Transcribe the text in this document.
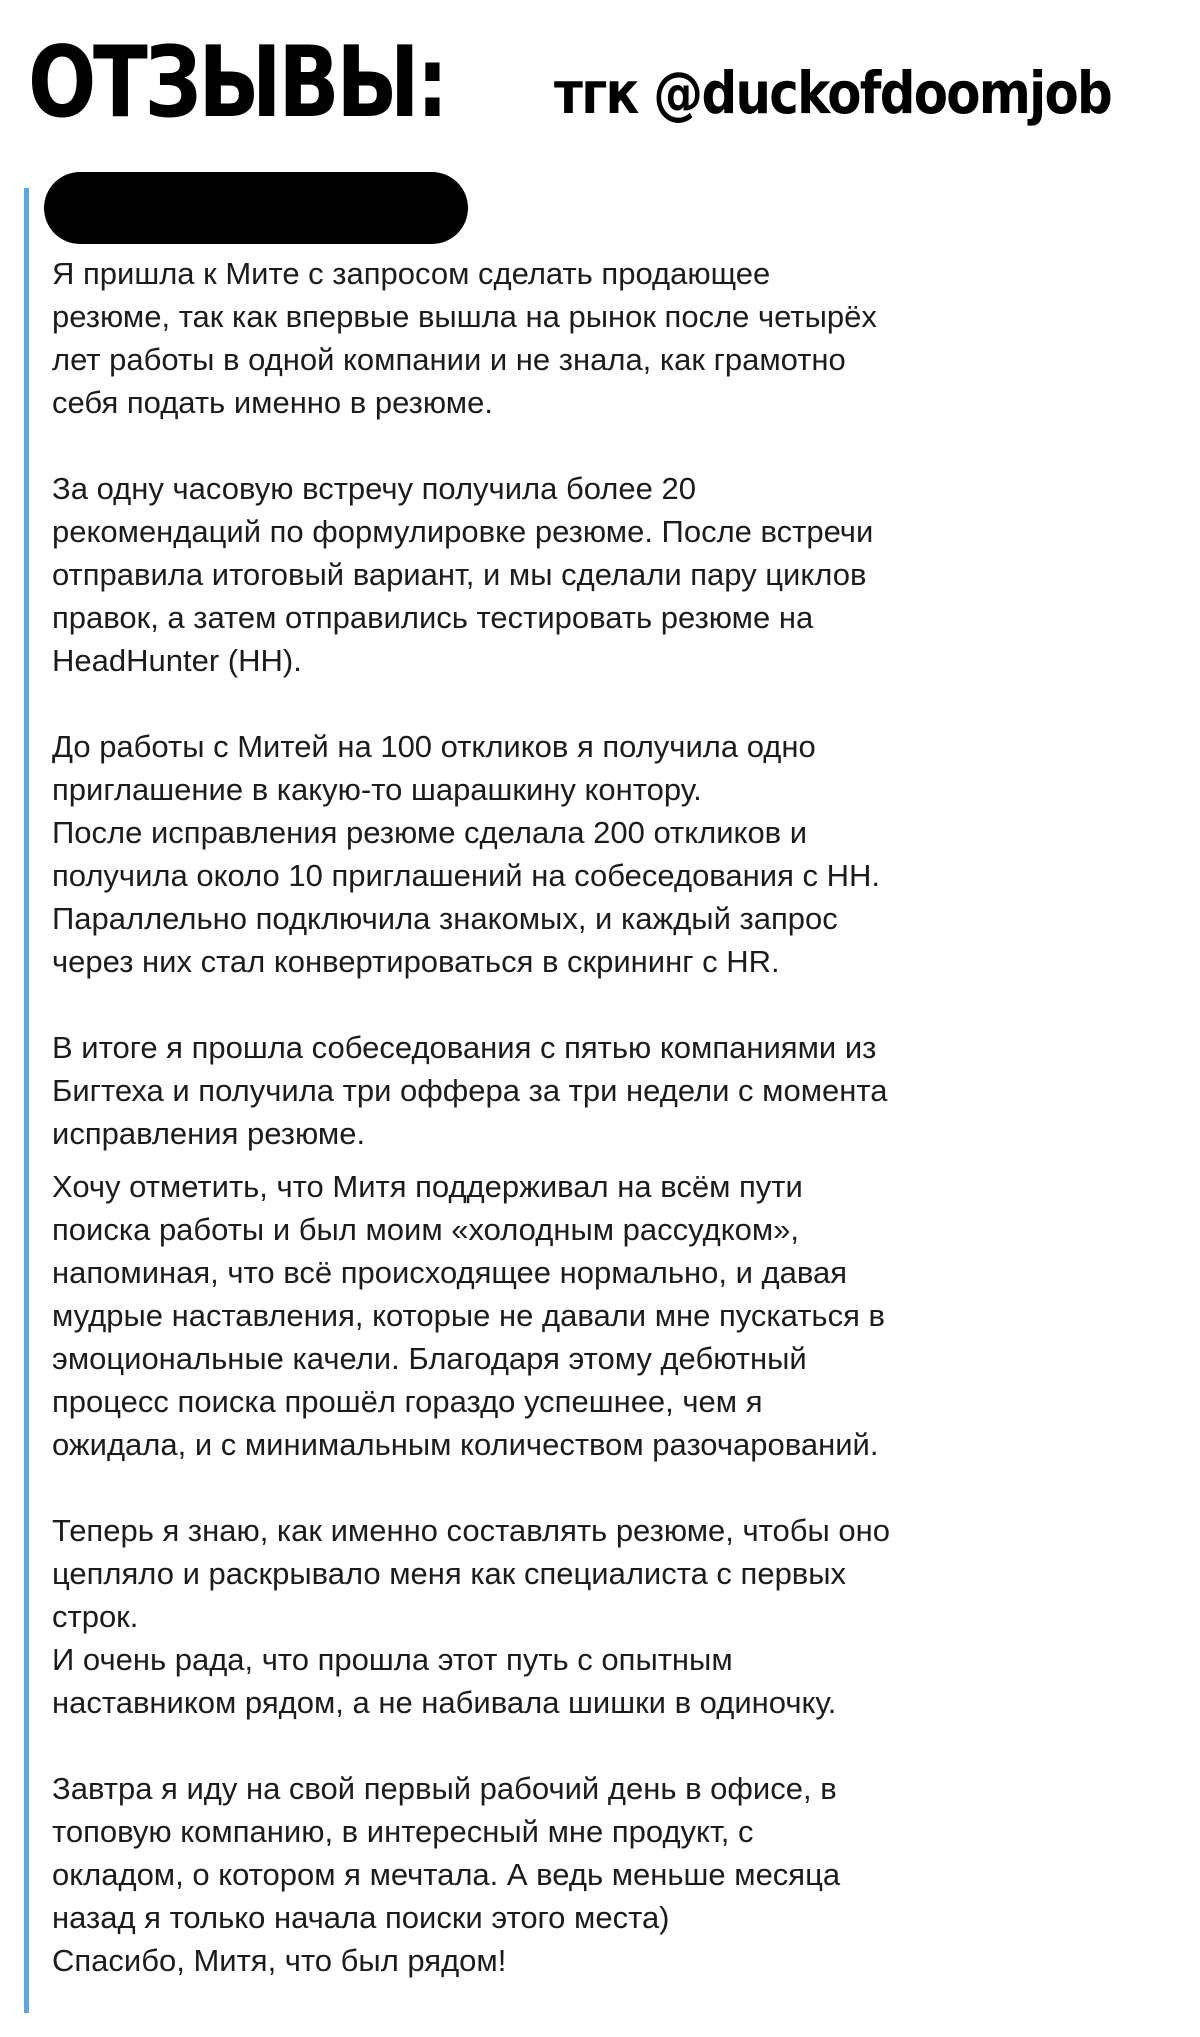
ОТЗЫВЫ: тгк @duckofdoomjob

Я пришла к Мите с запросом сделать продающее
резюме, так как впервые вышла на рынок после четырёх
лет работы в одной компании и не знала, как грамотно
себя подать именно в резюме.

За одну часовую встречу получила более 20
рекомендаций по формулировке резюме. После встречи
отправила итоговый вариант, и мы сделали пару циклов
правок, а затем отправились тестировать резюме на
HeadHunter (HH).

До работы с Митей на 100 откликов я получила одно
приглашение в какую-то шарашкину контору.
После исправления резюме сделала 200 откликов и
получила около 10 приглашений на собеседования с НН.
Параллельно подключила знакомых, и каждый запрос
через них стал конвертироваться в скрининг с HR.

В итоге я прошла собеседования с пятью компаниями из
Бигтеха и получила три оффера за три недели с момента
исправления резюме.

Хочу отметить, что Митя поддерживал на всём пути
поиска работы и был моим «холодным рассудком»,
напоминая, что всё происходящее нормально, и давая
мудрые наставления, которые не давали мне пускаться в
эмоциональные качели. Благодаря этому дебютный
процесс поиска прошёл гораздо успешнее, чем я
ожидала, и с минимальным количеством разочарований.

Теперь я знаю, как именно составлять резюме, чтобы оно
цепляло и раскрывало меня как специалиста с первых
строк.
И очень рада, что прошла этот путь с опытным
наставником рядом, а не набивала шишки в одиночку.

Завтра я иду на свой первый рабочий день в офисе, в
топовую компанию, в интересный мне продукт, с
окладом, о котором я мечтала. А ведь меньше месяца
назад я только начала поиски этого места)
Спасибо, Митя, что был рядом!
